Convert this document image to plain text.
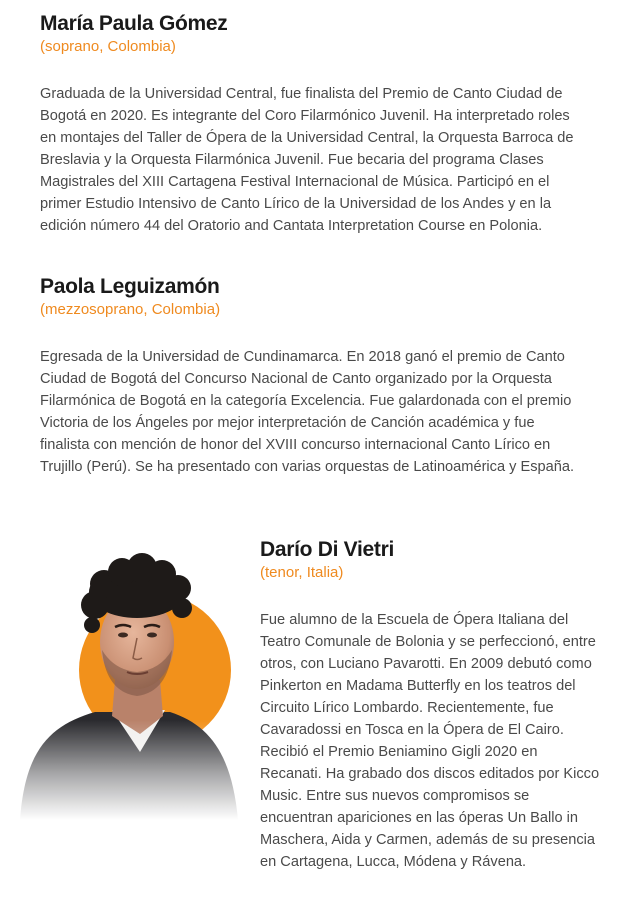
María Paula Gómez
(soprano, Colombia)
Graduada de la Universidad Central, fue finalista del Premio de Canto Ciudad de
Bogotá en 2020. Es integrante del Coro Filarmónico Juvenil. Ha interpretado roles
en montajes del Taller de Ópera de la Universidad Central, la Orquesta Barroca de
Breslavia y la Orquesta Filarmónica Juvenil. Fue becaria del programa Clases
Magistrales del XIII Cartagena Festival Internacional de Música. Participó en el
primer Estudio Intensivo de Canto Lírico de la Universidad de los Andes y en la
edición número 44 del Oratorio and Cantata Interpretation Course en Polonia.
Paola Leguizamón
(mezzosoprano, Colombia)
Egresada de la Universidad de Cundinamarca. En 2018 ganó el premio de Canto
Ciudad de Bogotá del Concurso Nacional de Canto organizado por la Orquesta
Filarmónica de Bogotá en la categoría Excelencia. Fue galardonada con el premio
Victoria de los Ángeles por mejor interpretación de Canción académica y fue
finalista con mención de honor del XVIII concurso internacional Canto Lírico en
Trujillo (Perú). Se ha presentado con varias orquestas de Latinoamérica y España.
Darío Di Vietri
(tenor, Italia)
Fue alumno de la Escuela de Ópera Italiana del
Teatro Comunale de Bolonia y se perfeccionó, entre
otros, con Luciano Pavarotti. En 2009 debutó como
Pinkerton en Madama Butterfly en los teatros del
Circuito Lírico Lombardo. Recientemente, fue
Cavaradossi en Tosca en la Ópera de El Cairo.
Recibió el Premio Beniamino Gigli 2020 en
Recanati. Ha grabado dos discos editados por Kicco
Music. Entre sus nuevos compromisos se
encuentran apariciones en las óperas Un Ballo in
Maschera, Aida y Carmen, además de su presencia
en Cartagena, Lucca, Módena y Rávena.
